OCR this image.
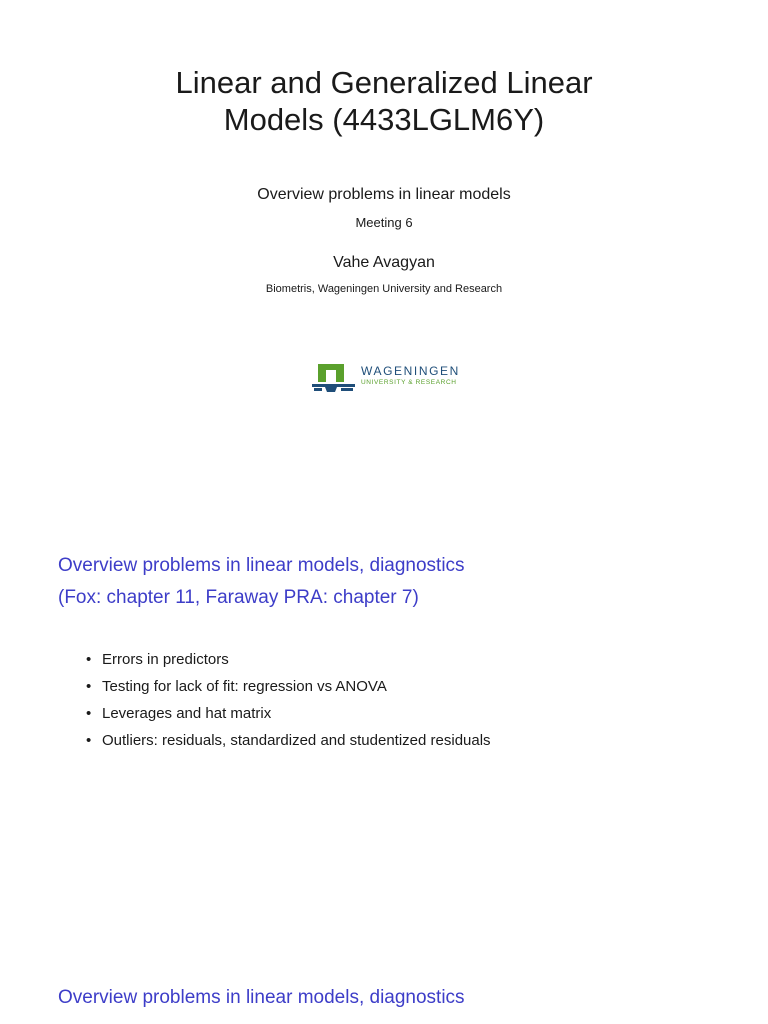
Linear and Generalized Linear
Models (4433LGLM6Y)
Overview problems in linear models
Meeting 6
Vahe Avagyan
Biometris, Wageningen University and Research
WAGENINGEN
UNIVERSITY & RESEARCH
Overview problems in linear models, diagnostics
(Fox: chapter 11, Faraway PRA: chapter 7)
• Errors in predictors
• Testing for lack of fit: regression vs ANOVA
• Leverages and hat matrix
• Outliers: residuals, standardized and studentized residuals
Overview problems in linear models, diagnostics
